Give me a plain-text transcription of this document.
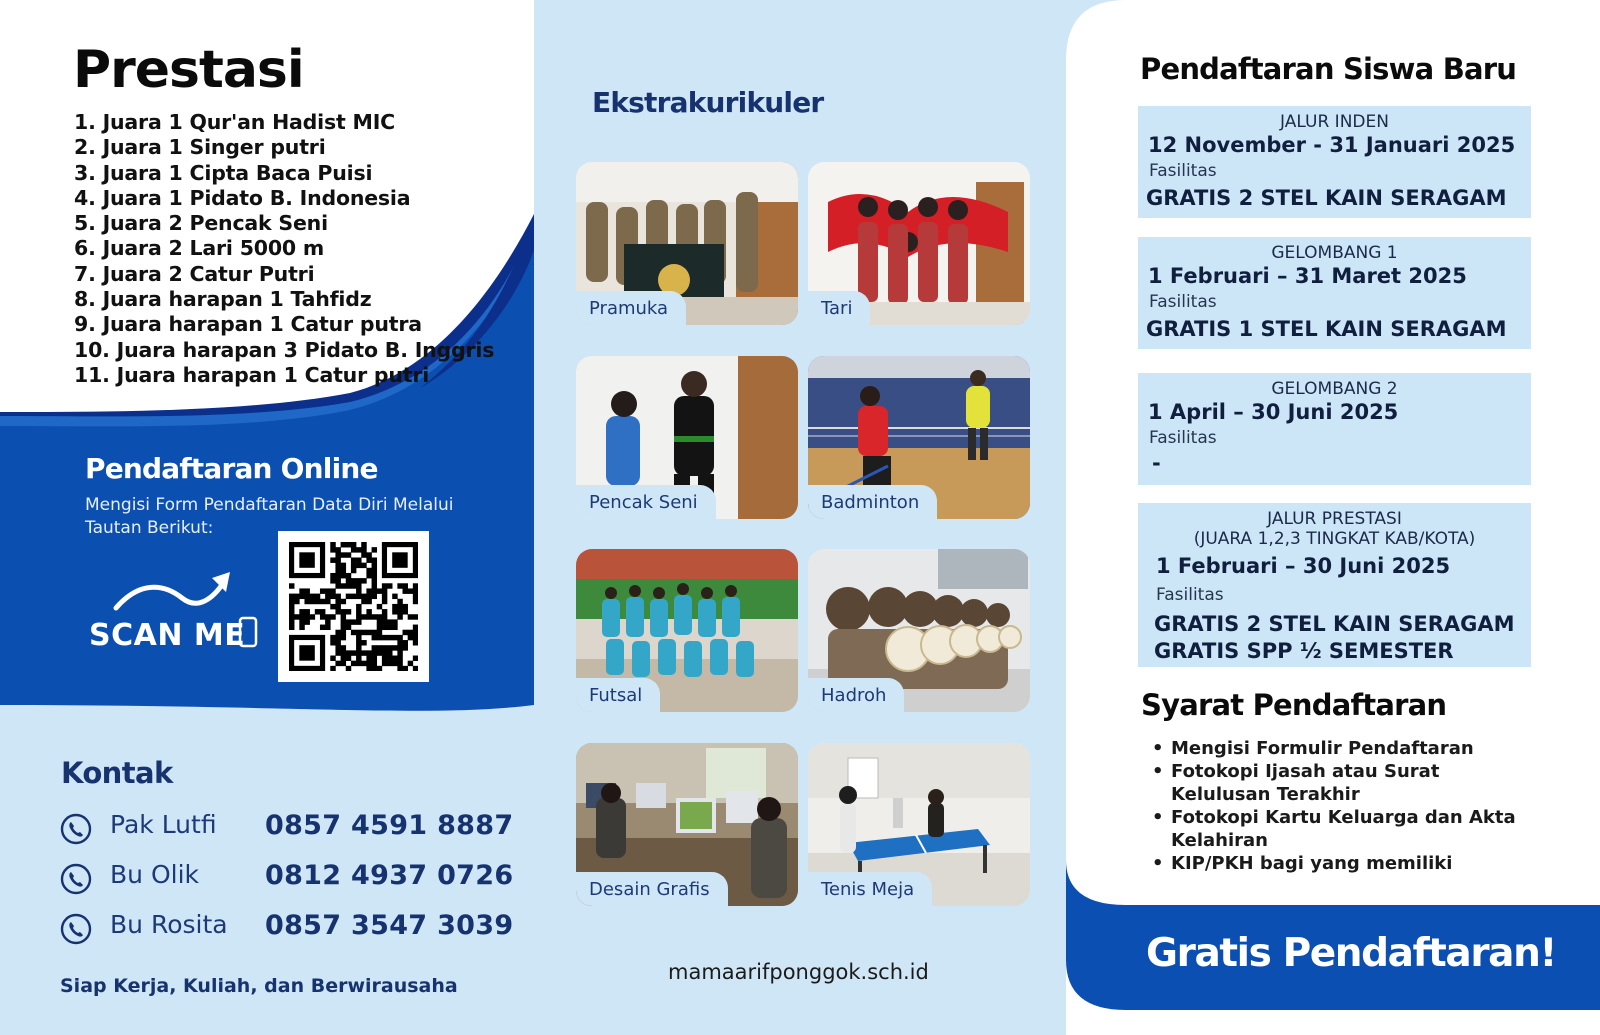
Prestasi
1. Juara 1 Qur'an Hadist MIC
2. Juara 1 Singer putri
3. Juara 1 Cipta Baca Puisi
4. Juara 1 Pidato B. Indonesia
5. Juara 2 Pencak Seni
6. Juara 2 Lari 5000 m
7. Juara 2 Catur Putri
8. Juara harapan 1 Tahfidz
9. Juara harapan 1 Catur putra
10. Juara harapan 3 Pidato B. Inggris
11. Juara harapan 1 Catur putri
Pendaftaran Online
Mengisi Form Pendaftaran Data Diri Melalui Tautan Berikut:
SCAN ME
Kontak
Pak Lutfi 0857 4591 8887
Bu Olik 0812 4937 0726
Bu Rosita 0857 3547 3039
Siap Kerja, Kuliah, dan Berwirausaha
Ekstrakurikuler
Pramuka	Tari
Pencak Seni	Badminton
Futsal	Hadroh
Desain Grafis	Tenis Meja
mamaarifponggok.sch.id
Pendaftaran Siswa Baru
JALUR INDEN
12 November - 31 Januari 2025
Fasilitas
GRATIS 2 STEL KAIN SERAGAM
GELOMBANG 1
1 Februari – 31 Maret 2025
Fasilitas
GRATIS 1 STEL KAIN SERAGAM
GELOMBANG 2
1 April – 30 Juni 2025
Fasilitas
-
JALUR PRESTASI
(JUARA 1,2,3 TINGKAT KAB/KOTA)
1 Februari – 30 Juni 2025
Fasilitas
GRATIS 2 STEL KAIN SERAGAM
GRATIS SPP ½ SEMESTER
Syarat Pendaftaran
• Mengisi Formulir Pendaftaran
• Fotokopi Ijasah atau Surat Kelulusan Terakhir
• Fotokopi Kartu Keluarga dan Akta Kelahiran
• KIP/PKH bagi yang memiliki
Gratis Pendaftaran!
